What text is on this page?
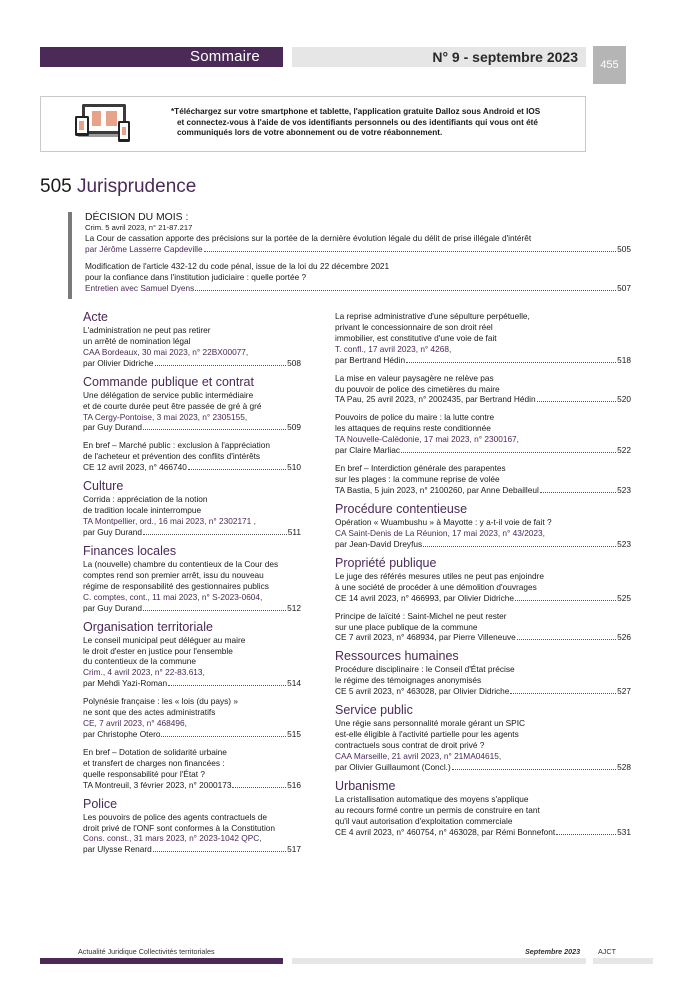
Sommaire	N° 9 - septembre 2023	455
*Téléchargez sur votre smartphone et tablette, l'application gratuite Dalloz sous Android et IOS
et connectez-vous à l'aide de vos identifiants personnels ou des identifiants qui vous ont été
communiqués lors de votre abonnement ou de votre réabonnement.
505 Jurisprudence
DÉCISION DU MOIS :
Crim. 5 avril 2023, n° 21-87.217
La Cour de cassation apporte des précisions sur la portée de la dernière évolution légale du délit de prise illégale d'intérêt
par Jérôme Lasserre Capdeville	505
Modification de l'article 432-12 du code pénal, issue de la loi du 22 décembre 2021
pour la confiance dans l'institution judiciaire : quelle portée ?
Entretien avec Samuel Dyens	507
Acte
L'administration ne peut pas retirer
un arrêté de nomination légal
CAA Bordeaux, 30 mai 2023, n° 22BX00077,
par Olivier Didriche	508
Commande publique et contrat
Une délégation de service public intermédiaire
et de courte durée peut être passée de gré à gré
TA Cergy-Pontoise, 3 mai 2023, n° 2305155,
par Guy Durand	509
En bref – Marché public : exclusion à l'appréciation
de l'acheteur et prévention des conflits d'intérêts
CE 12 avril 2023, n° 466740	510
Culture
Corrida : appréciation de la notion
de tradition locale ininterrompue
TA Montpellier, ord., 16 mai 2023, n° 2302171 ,
par Guy Durand	511
Finances locales
La (nouvelle) chambre du contentieux de la Cour des
comptes rend son premier arrêt, issu du nouveau
régime de responsabilité des gestionnaires publics
C. comptes, cont., 11 mai 2023, n° S-2023-0604,
par Guy Durand	512
Organisation territoriale
Le conseil municipal peut déléguer au maire
le droit d'ester en justice pour l'ensemble
du contentieux de la commune
Crim., 4 avril 2023, n° 22-83.613,
par Mehdi Yazi-Roman	514
Polynésie française : les « lois (du pays) »
ne sont que des actes administratifs
CE, 7 avril 2023, n° 468496,
par Christophe Otero	515
En bref – Dotation de solidarité urbaine
et transfert de charges non financées :
quelle responsabilité pour l'État ?
TA Montreuil, 3 février 2023, n° 2000173	516
Police
Les pouvoirs de police des agents contractuels de
droit privé de l'ONF sont conformes à la Constitution
Cons. const., 31 mars 2023, n° 2023-1042 QPC,
par Ulysse Renard	517
La reprise administrative d'une sépulture perpétuelle,
privant le concessionnaire de son droit réel
immobilier, est constitutive d'une voie de fait
T. confl., 17 avril 2023, n° 4268,
par Bertrand Hédin	518
La mise en valeur paysagère ne relève pas
du pouvoir de police des cimetières du maire
TA Pau, 25 avril 2023, n° 2002435, par Bertrand Hédin	520
Pouvoirs de police du maire : la lutte contre
les attaques de requins reste conditionnée
TA Nouvelle-Calédonie, 17 mai 2023, n° 2300167,
par Claire Marliac	522
En bref – Interdiction générale des parapentes
sur les plages : la commune reprise de volée
TA Bastia, 5 juin 2023, n° 2100260, par Anne Debailleul	523
Procédure contentieuse
Opération « Wuambushu » à Mayotte : y a-t-il voie de fait ?
CA Saint-Denis de La Réunion, 17 mai 2023, n° 43/2023,
par Jean-David Dreyfus	523
Propriété publique
Le juge des référés mesures utiles ne peut pas enjoindre
à une société de procéder à une démolition d'ouvrages
CE 14 avril 2023, n° 466993, par Olivier Didriche	525
Principe de laïcité : Saint-Michel ne peut rester
sur une place publique de la commune
CE 7 avril 2023, n° 468934, par Pierre Villeneuve	526
Ressources humaines
Procédure disciplinaire : le Conseil d'État précise
le régime des témoignages anonymisés
CE 5 avril 2023, n° 463028, par Olivier Didriche	527
Service public
Une régie sans personnalité morale gérant un SPIC
est-elle éligible à l'activité partielle pour les agents
contractuels sous contrat de droit privé ?
CAA Marseille, 21 avril 2023, n° 21MA04615,
par Olivier Guillaumont (Concl.)	528
Urbanisme
La cristallisation automatique des moyens s'applique
au recours formé contre un permis de construire en tant
qu'il vaut autorisation d'exploitation commerciale
CE 4 avril 2023, n° 460754, n° 463028, par Rémi Bonnefont	531
Actualité Juridique Collectivités territoriales	Septembre 2023 AJCT
